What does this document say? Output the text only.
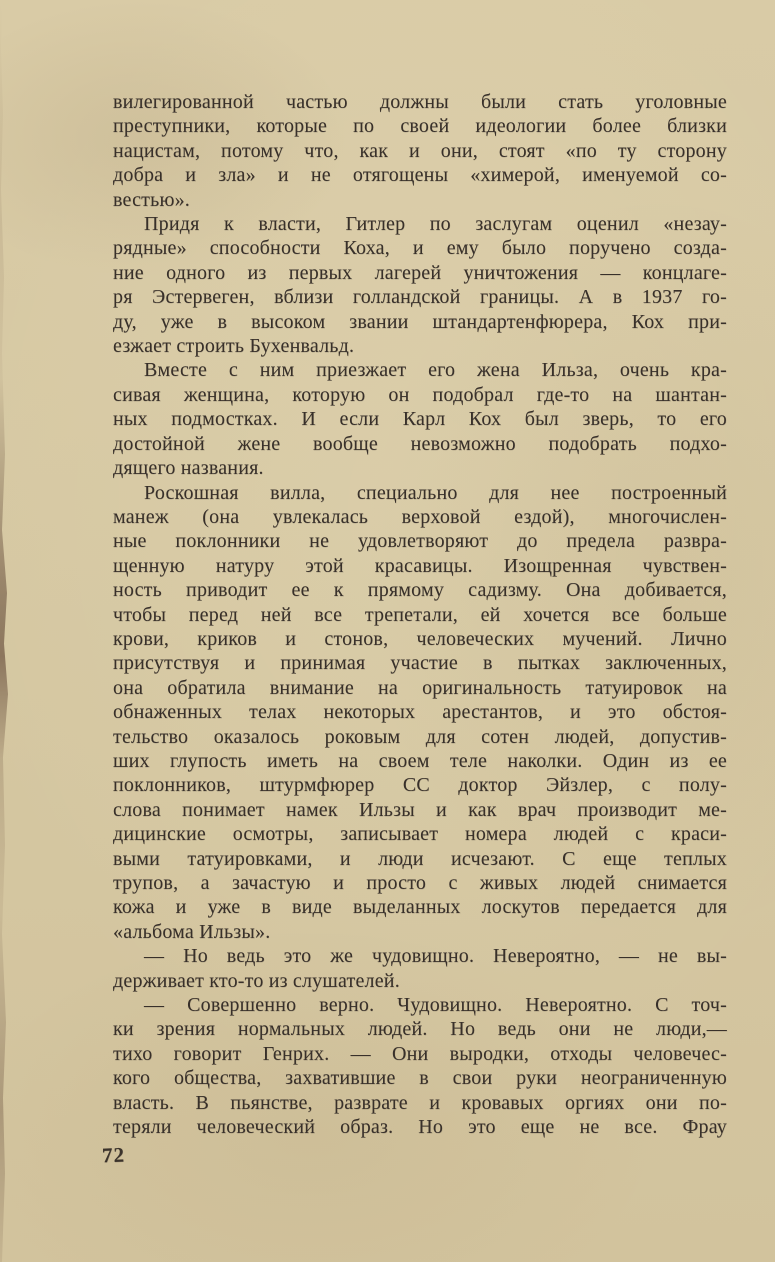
вилегированной частью должны были стать уголовные
преступники, которые по своей идеологии более близки
нацистам, потому что, как и они, стоят «по ту сторону
добра и зла» и не отягощены «химерой, именуемой со-
вестью».
Придя к власти, Гитлер по заслугам оценил «незау-
рядные» способности Коха, и ему было поручено созда-
ние одного из первых лагерей уничтожения — концлаге-
ря Эстервеген, вблизи голландской границы. А в 1937 го-
ду, уже в высоком звании штандартенфюрера, Кох при-
езжает строить Бухенвальд.
Вместе с ним приезжает его жена Ильза, очень кра-
сивая женщина, которую он подобрал где-то на шантан-
ных подмостках. И если Карл Кох был зверь, то его
достойной жене вообще невозможно подобрать подхо-
дящего названия.
Роскошная вилла, специально для нее построенный
манеж (она увлекалась верховой ездой), многочислен-
ные поклонники не удовлетворяют до предела развра-
щенную натуру этой красавицы. Изощренная чувствен-
ность приводит ее к прямому садизму. Она добивается,
чтобы перед ней все трепетали, ей хочется все больше
крови, криков и стонов, человеческих мучений. Лично
присутствуя и принимая участие в пытках заключенных,
она обратила внимание на оригинальность татуировок на
обнаженных телах некоторых арестантов, и это обстоя-
тельство оказалось роковым для сотен людей, допустив-
ших глупость иметь на своем теле наколки. Один из ее
поклонников, штурмфюрер СС доктор Эйзлер, с полу-
слова понимает намек Ильзы и как врач производит ме-
дицинские осмотры, записывает номера людей с краси-
выми татуировками, и люди исчезают. С еще теплых
трупов, а зачастую и просто с живых людей снимается
кожа и уже в виде выделанных лоскутов передается для
«альбома Ильзы».
— Но ведь это же чудовищно. Невероятно, — не вы-
держивает кто-то из слушателей.
— Совершенно верно. Чудовищно. Невероятно. С точ-
ки зрения нормальных людей. Но ведь они не люди,—
тихо говорит Генрих. — Они выродки, отходы человечес-
кого общества, захватившие в свои руки неограниченную
власть. В пьянстве, разврате и кровавых оргиях они по-
теряли человеческий образ. Но это еще не все. Фрау
72
